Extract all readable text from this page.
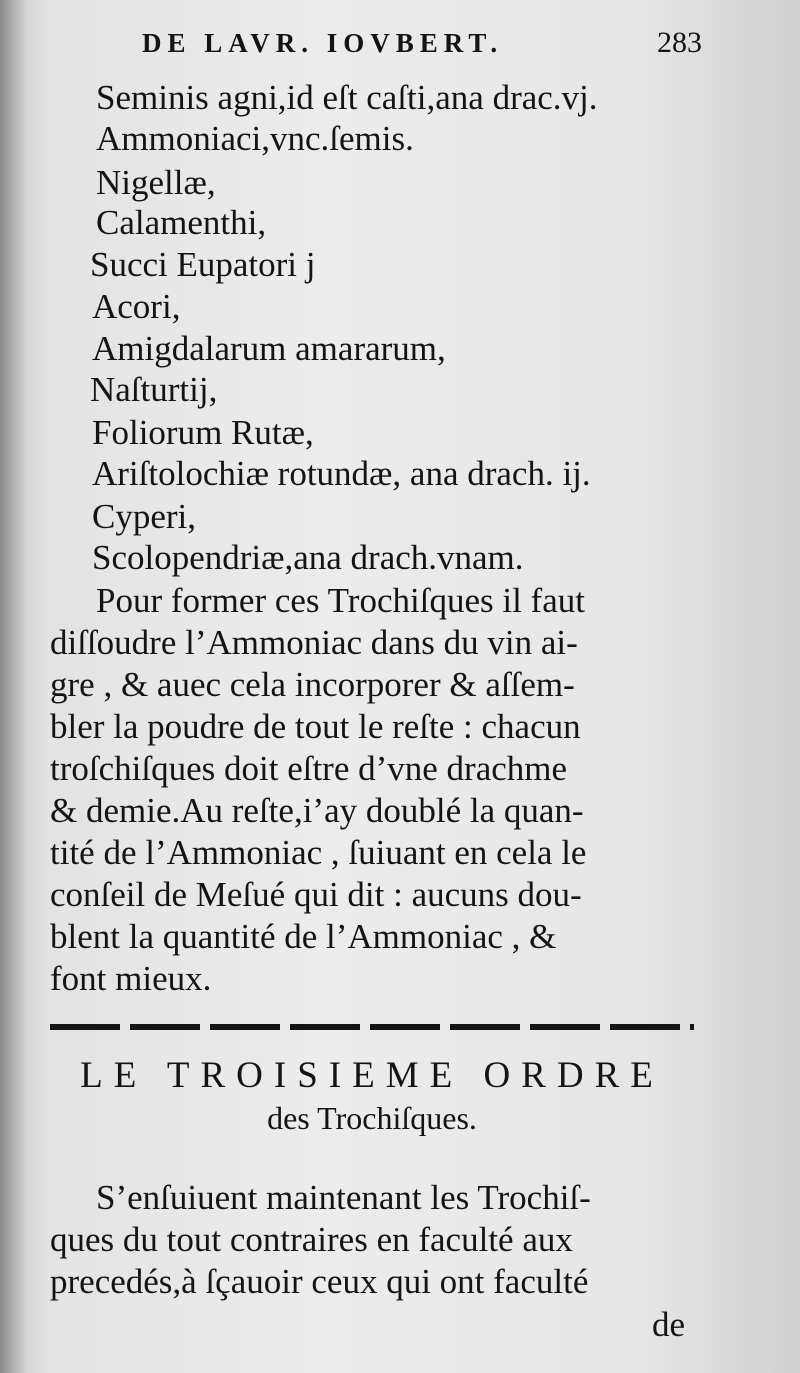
DE LAVR. IOVBERT.	283
Seminis agni,id eſt caſti,ana drac.vj.
Ammoniaci,vnc.ſemis.
Nigellæ,
Calamenthi,
Succi Eupatori j
Acori,
Amigdalarum amararum,
Naſturtij,
Foliorum Rutæ,
Ariſtolochiæ rotundæ, ana drach. ij.
Cyperi,
Scolopendriæ,ana drach.vnam.
Pour former ces Trochiſques il faut
diſſoudre l’Ammoniac dans du vin ai-
gre , & auec cela incorporer & aſſem-
bler la poudre de tout le reſte : chacun
troſchiſques doit eſtre d’vne drachme
& demie.Au reſte,i’ay doublé la quan-
tité de l’Ammoniac , ſuiuant en cela le
conſeil de Meſué qui dit : aucuns dou-
blent la quantité de l’Ammoniac , &
font mieux.
LE TROISIEME ORDRE
des Trochiſques.
S’enſuiuent maintenant les Trochiſ-
ques du tout contraires en faculté aux
precedés,à ſçauoir ceux qui ont faculté
de
